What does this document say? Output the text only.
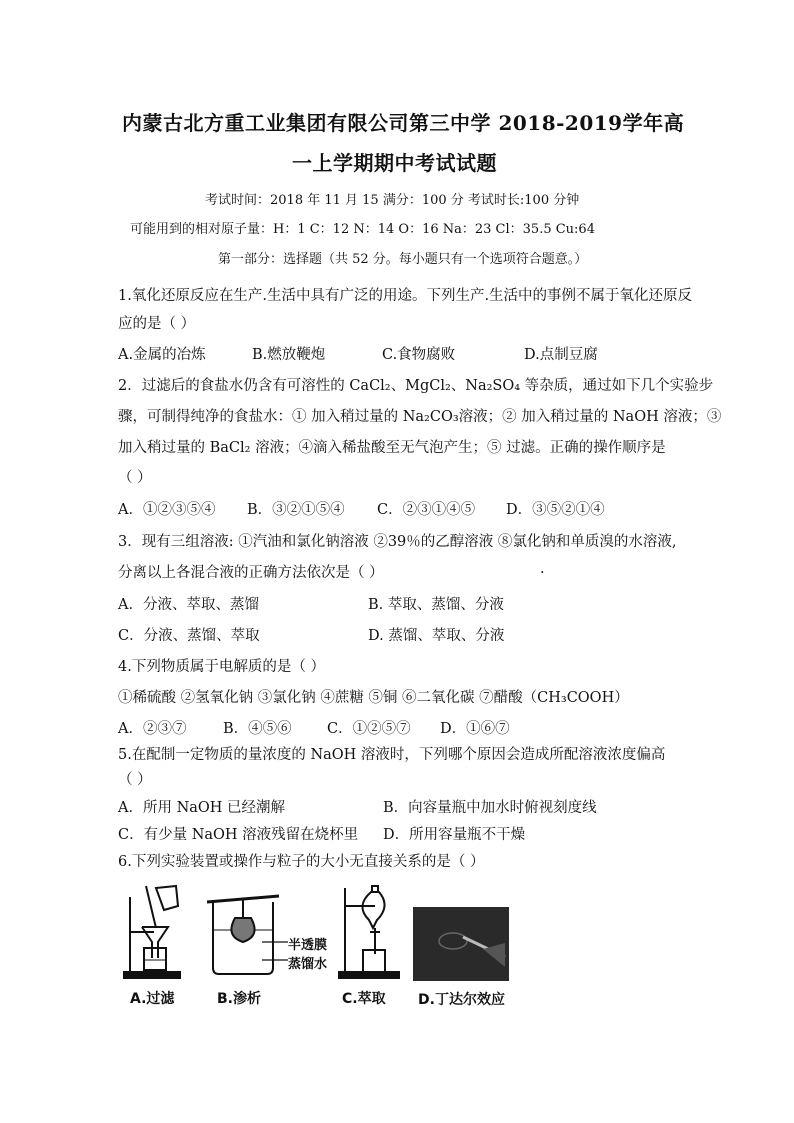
内蒙古北方重工业集团有限公司第三中学 2018-2019学年高
一上学期期中考试试题
考试时间：2018 年 11 月 15 满分：100 分 考试时长:100 分钟
可能用到的相对原子量：H：1 C：12 N：14 O：16 Na：23 Cl：35.5 Cu:64
第一部分：选择题（共 52 分。每小题只有一个选项符合题意。）
1.氧化还原反应在生产.生活中具有广泛的用途。下列生产.生活中的事例不属于氧化还原反
应的是（ ）
A.金属的冶炼	B.燃放鞭炮	C.食物腐败	D.点制豆腐
2．过滤后的食盐水仍含有可溶性的 CaCl₂、MgCl₂、Na₂SO₄ 等杂质，通过如下几个实验步
骤，可制得纯净的食盐水：① 加入稍过量的 Na₂CO₃溶液；② 加入稍过量的 NaOH 溶液；③
加入稍过量的 BaCl₂ 溶液；④滴入稀盐酸至无气泡产生；⑤ 过滤。正确的操作顺序是
（ ）
A．①②③⑤④ B．③②①⑤④ C．②③①④⑤ D．③⑤②①④
3．现有三组溶液: ①汽油和氯化钠溶液 ②39％的乙醇溶液 ⑧氯化钠和单质溴的水溶液,
分离以上各混合液的正确方法依次是（ ）	.
A．分液、萃取、蒸馏	B. 萃取、蒸馏、分液
C．分液、蒸馏、萃取	D. 蒸馏、萃取、分液
4.下列物质属于电解质的是（ ）
①稀硫酸 ②氢氧化钠 ③氯化钠 ④蔗糖 ⑤铜 ⑥二氧化碳 ⑦醋酸（CH₃COOH）
A．②③⑦	B．④⑤⑥ C．①②⑤⑦ D．①⑥⑦
5.在配制一定物质的量浓度的 NaOH 溶液时，下列哪个原因会造成所配溶液浓度偏高
（ ）
A．所用 NaOH 已经潮解	B．向容量瓶中加水时俯视刻度线
C．有少量 NaOH 溶液残留在烧杯里 D．所用容量瓶不干燥
6.下列实验装置或操作与粒子的大小无直接关系的是（ ）
A.过滤
半透膜
蒸馏水
B.渗析	C.萃取 D.丁达尔效应
